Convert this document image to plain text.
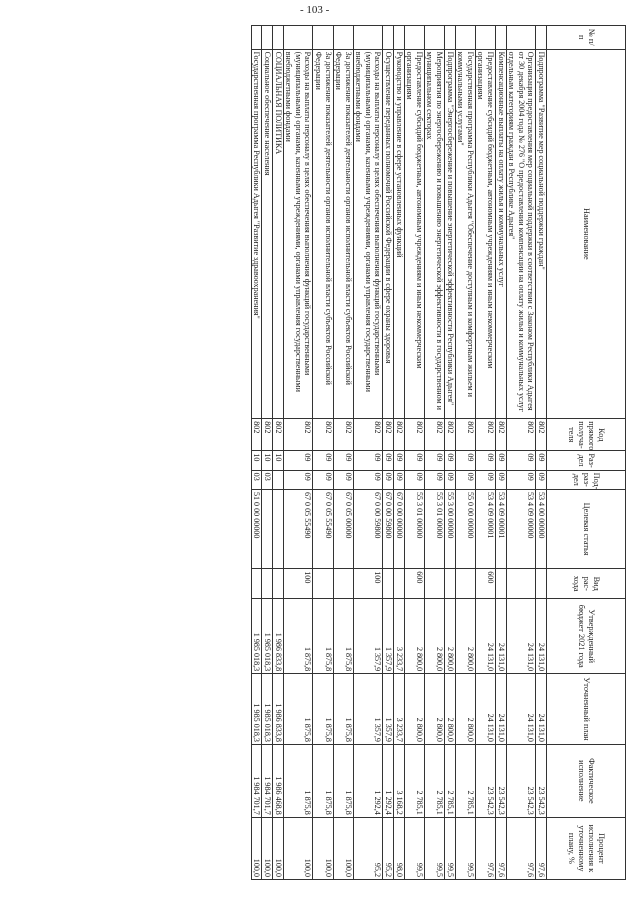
- 103 -
№ п/п	Наименование	Код прямого получа-теля	Раз-дел	Под-раз-дел	Целевая статья	Вид рас-хода	Утвержденный бюджет 2021 года	Уточненный план	Фактическое исполнение	Процент исполнения к уточненному плану, %
	Подпрограмма "Развитие мер социальной поддержки граждан"	802	09	09	53 4 00 00000		24 131,0	24 131,0	23 542,3	97,6
	Организация предоставления мер социальной поддержки в соответствии с Законом Республики Адыгея от 30 декабря 2004 года № 276 "О предоставлении компенсации на оплату жилья и коммунальных услуг отдельным категориям граждан в Республике Адыгея"	802	09	09	53 4 09 00000		24 131,0	24 131,0	23 542,3	97,6
	Компенсационные выплаты на оплату жилья и коммунальных услуг	802	09	09	53 4 09 00001		24 131,0	24 131,0	23 542,3	97,6
	Предоставление субсидий бюджетным, автономным учреждениям и иным некоммерческим организациям	802	09	09	53 4 09 00001	600	24 131,0	24 131,0	23 542,3	97,6
	Государственная программа Республики Адыгея "Обеспечение доступным и комфортным жильем и коммунальными услугами"	802	09	09	55 0 00 00000		2 800,0	2 800,0	2 785,1	99,5
	Подпрограмма "Энергосбережение и повышение энергетической эффективности Республики Адыгея"	802	09	09	55 3 00 00000		2 800,0	2 800,0	2 785,1	99,5
	Мероприятия по энергосбережению и повышению энергетической эффективности в государственном и муниципальном секторах	802	09	09	55 3 01 00000		2 800,0	2 800,0	2 785,1	99,5
	Предоставление субсидий бюджетным, автономным учреждениям и иным некоммерческим организациям	802	09	09	55 3 01 00000	600	2 800,0	2 800,0	2 785,1	99,5
	Руководство и управление в сфере установленных функций	802	09	09	67 0 00 00000		3 233,7	3 233,7	3 168,2	98,0
	Осуществление переданных полномочий Российской Федерации в сфере охраны здоровья	802	09	09	67 0 00 59800		1 357,9	1 357,9	1 292,4	95,2
	Расходы на выплаты персоналу в целях обеспечения выполнения функций государственными (муниципальными) органами, казенными учреждениями, органами управления государственными внебюджетными фондами	802	09	09	67 0 00 59800	100	1 357,9	1 357,9	1 292,4	95,2
	За достижение показателей деятельности органов исполнительной власти субъектов Российской Федерации	802	09	09	67 0 05 00000		1 875,8	1 875,8	1 875,8	100,0
	За достижение показателей деятельности органов исполнительной власти субъектов Российской Федерации	802	09	09	67 0 05 55490		1 875,8	1 875,8	1 875,8	100,0
	Расходы на выплаты персоналу в целях обеспечения выполнения функций государственными (муниципальными) органами, казенными учреждениями, органами управления государственными внебюджетными фондами	802	09	09	67 0 05 55490	100	1 875,8	1 875,8	1 875,8	100,0
	СОЦИАЛЬНАЯ ПОЛИТИКА	802	10				1 986 833,8	1 986 833,8	1 986 468,8	100,0
	Социальное обеспечение населения	802	10	03			1 985 018,3	1 985 018,3	1 984 701,7	100,0
	Государственная программа Республики Адыгея "Развитие здравоохранения"	802	10	03	51 0 00 00000		1 985 018,3	1 985 018,3	1 984 701,7	100,0
